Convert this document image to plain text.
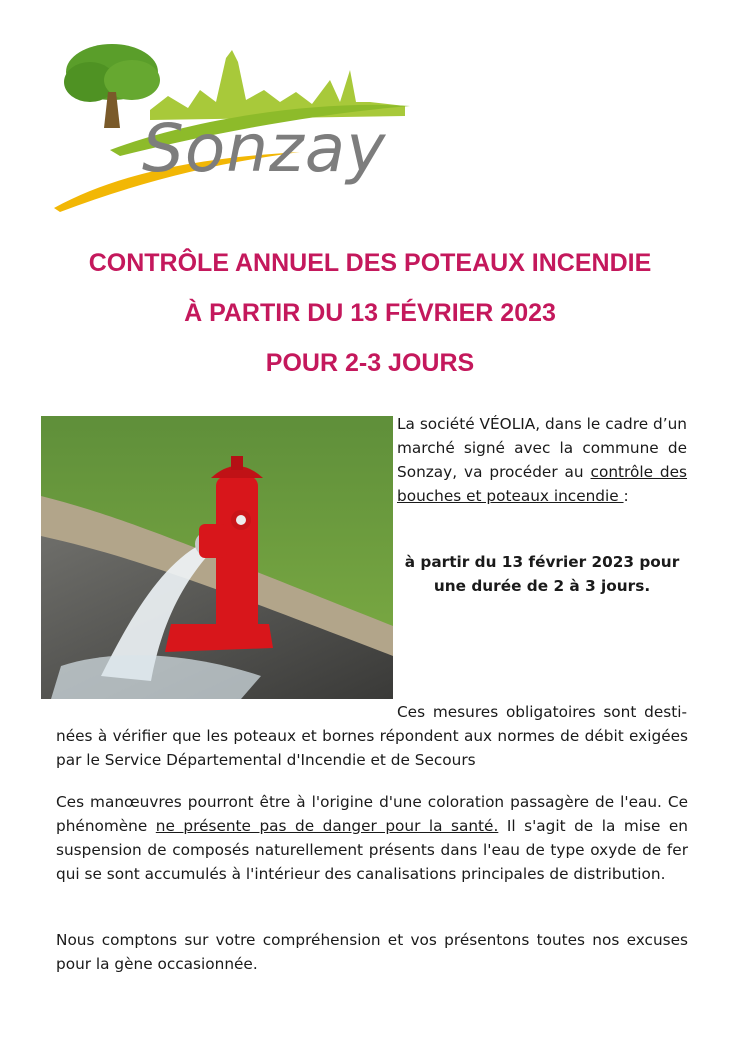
Sonzay
CONTRÔLE ANNUEL DES POTEAUX INCENDIE
À PARTIR DU 13 FÉVRIER 2023
POUR 2-3 JOURS
La société VÉOLIA, dans le cadre d’un marché signé avec la commune de Sonzay, va procéder au contrôle des bouches et poteaux incendie :
à partir du 13 février 2023 pour
une durée de 2 à 3 jours.
Ces mesures obligatoires sont desti-
nées à vérifier que les poteaux et bornes répondent aux normes de débit exigées par le Service Départemental d'Incendie et de Secours
Ces manœuvres pourront être à l'origine d'une coloration passagère de l'eau. Ce phénomène ne présente pas de danger pour la santé. Il s'agit de la mise en suspension de composés naturellement présents dans l'eau de type oxyde de fer qui se sont accumulés à l'intérieur des canalisations principales de distribution.
Nous comptons sur votre compréhension et vos présentons toutes nos excuses pour la gène occasionnée.
